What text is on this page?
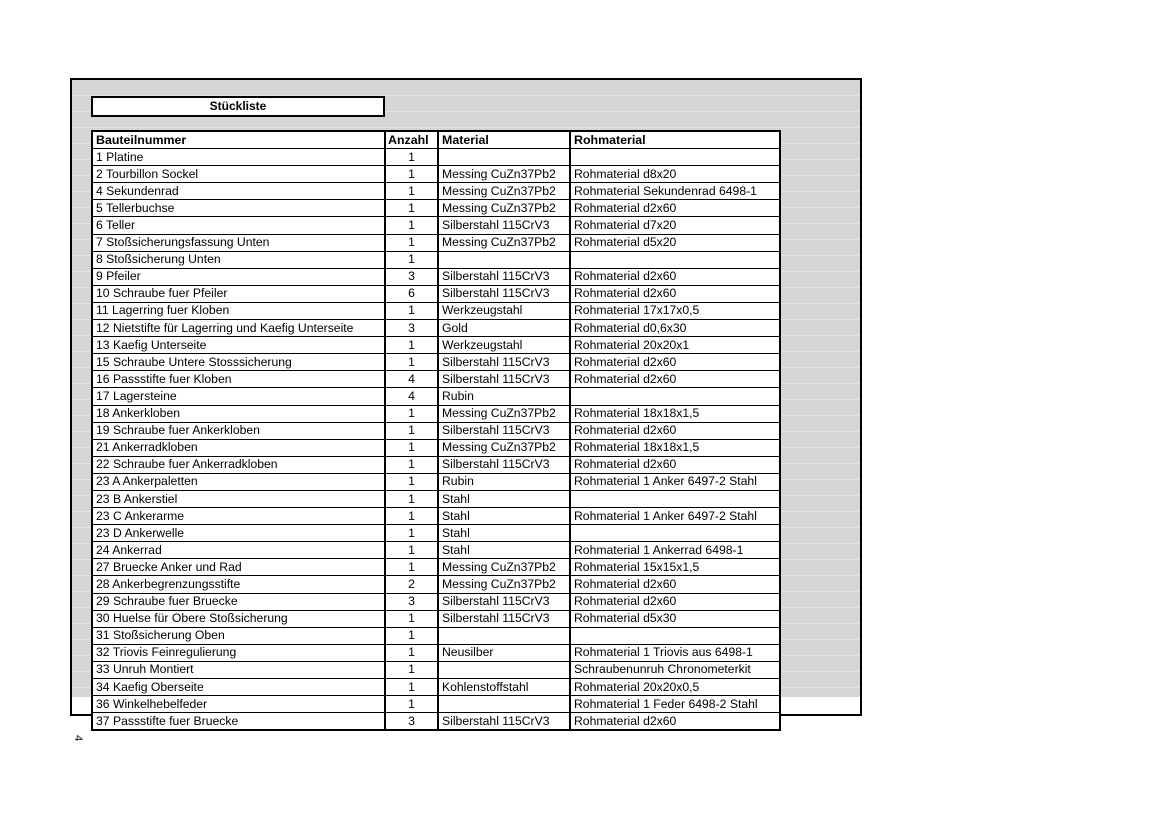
Stückliste
Bauteilnummer	Anzahl	Material	Rohmaterial
1 Platine	1		
2 Tourbillon Sockel	1	Messing CuZn37Pb2	Rohmaterial d8x20
4 Sekundenrad	1	Messing CuZn37Pb2	Rohmaterial Sekundenrad 6498-1
5 Tellerbuchse	1	Messing CuZn37Pb2	Rohmaterial d2x60
6 Teller	1	Silberstahl 115CrV3	Rohmaterial d7x20
7 Stoßsicherungsfassung Unten	1	Messing CuZn37Pb2	Rohmaterial d5x20
8 Stoßsicherung Unten	1		
9 Pfeiler	3	Silberstahl 115CrV3	Rohmaterial d2x60
10 Schraube fuer Pfeiler	6	Silberstahl 115CrV3	Rohmaterial d2x60
11 Lagerring fuer Kloben	1	Werkzeugstahl	Rohmaterial 17x17x0,5
12 Nietstifte für Lagerring und Kaefig Unterseite	3	Gold	Rohmaterial d0,6x30
13 Kaefig Unterseite	1	Werkzeugstahl	Rohmaterial 20x20x1
15 Schraube Untere Stosssicherung	1	Silberstahl 115CrV3	Rohmaterial d2x60
16 Passstifte fuer Kloben	4	Silberstahl 115CrV3	Rohmaterial d2x60
17 Lagersteine	4	Rubin	
18 Ankerkloben	1	Messing CuZn37Pb2	Rohmaterial 18x18x1,5
19 Schraube fuer Ankerkloben	1	Silberstahl 115CrV3	Rohmaterial d2x60
21 Ankerradkloben	1	Messing CuZn37Pb2	Rohmaterial 18x18x1,5
22 Schraube fuer Ankerradkloben	1	Silberstahl 115CrV3	Rohmaterial d2x60
23 A Ankerpaletten	1	Rubin	Rohmaterial 1 Anker 6497-2 Stahl
23 B Ankerstiel	1	Stahl	
23 C Ankerarme	1	Stahl	Rohmaterial 1 Anker 6497-2 Stahl
23 D Ankerwelle	1	Stahl	
24 Ankerrad	1	Stahl	Rohmaterial 1 Ankerrad 6498-1
27 Bruecke Anker und Rad	1	Messing CuZn37Pb2	Rohmaterial 15x15x1,5
28 Ankerbegrenzungsstifte	2	Messing CuZn37Pb2	Rohmaterial d2x60
29 Schraube fuer Bruecke	3	Silberstahl 115CrV3	Rohmaterial d2x60
30 Huelse für Obere Stoßsicherung	1	Silberstahl 115CrV3	Rohmaterial d5x30
31 Stoßsicherung Oben	1		
32 Triovis Feinregulierung	1	Neusilber	Rohmaterial 1 Triovis aus 6498-1
33 Unruh Montiert	1		Schraubenunruh Chronometerkit
34 Kaefig Oberseite	1	Kohlenstoffstahl	Rohmaterial 20x20x0,5
36 Winkelhebelfeder	1		Rohmaterial 1 Feder 6498-2 Stahl
37 Passstifte fuer Bruecke	3	Silberstahl 115CrV3	Rohmaterial d2x60
4
